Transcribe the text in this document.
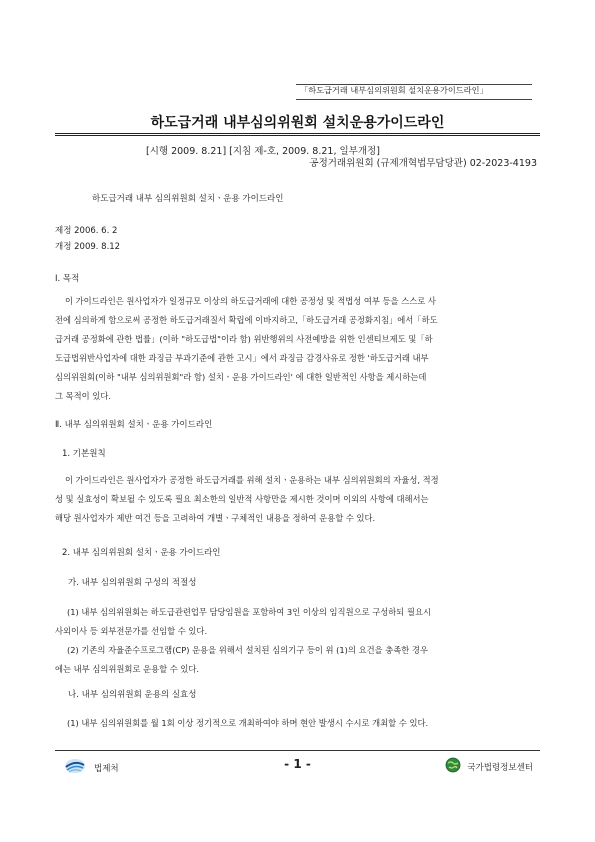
「하도급거래 내부심의위원회 설치운용가이드라인」
하도급거래 내부심의위원회 설치운용가이드라인
[시행 2009. 8.21] [지침 제-호, 2009. 8.21, 일부개정]
공정거래위원회 (규제개혁법무담당관) 02-2023-4193
하도급거래 내부 심의위원회 설치ㆍ운용 가이드라인
제정 2006. 6. 2
개정 2009. 8.12
Ⅰ. 목적
이 가이드라인은 원사업자가 일정규모 이상의 하도급거래에 대한 공정성 및 적법성 여부 등을 스스로 사
전에 심의하게 함으로써 공정한 하도급거래질서 확립에 이바지하고,「하도급거래 공정화지침」에서「하도
급거래 공정화에 관한 법률」(이하 "하도급법"이라 함) 위반행위의 사전예방을 위한 인센티브제도 및「하
도급법위반사업자에 대한 과징금 부과기준에 관한 고시」에서 과징금 감경사유로 정한 '하도급거래 내부
심의위원회(이하 "내부 심의위원회"라 함) 설치ㆍ운용 가이드라인' 에 대한 일반적인 사항을 제시하는데
그 목적이 있다.
Ⅱ. 내부 심의위원회 설치ㆍ운용 가이드라인
1. 기본원칙
이 가이드라인은 원사업자가 공정한 하도급거래를 위해 설치ㆍ운용하는 내부 심의위원회의 자율성, 적정
성 및 실효성이 확보될 수 있도록 필요 최소한의 일반적 사항만을 제시한 것이며 이외의 사항에 대해서는
해당 원사업자가 제반 여건 등을 고려하여 개별ㆍ구체적인 내용을 정하여 운용할 수 있다.
2. 내부 심의위원회 설치ㆍ운용 가이드라인
가. 내부 심의위원회 구성의 적절성
(1) 내부 심의위원회는 하도급관련업무 담당임원을 포함하여 3인 이상의 임직원으로 구성하되 필요시
사외이사 등 외부전문가를 선임할 수 있다.
(2) 기존의 자율준수프로그램(CP) 운용을 위해서 설치된 심의기구 등이 위 (1)의 요건을 충족한 경우
에는 내부 심의위원회로 운용할 수 있다.
나. 내부 심의위원회 운용의 실효성
(1) 내부 심의위원회를 월 1회 이상 정기적으로 개최하여야 하며 현안 발생시 수시로 개최할 수 있다.
법제처	- 1 -	국가법령정보센터
